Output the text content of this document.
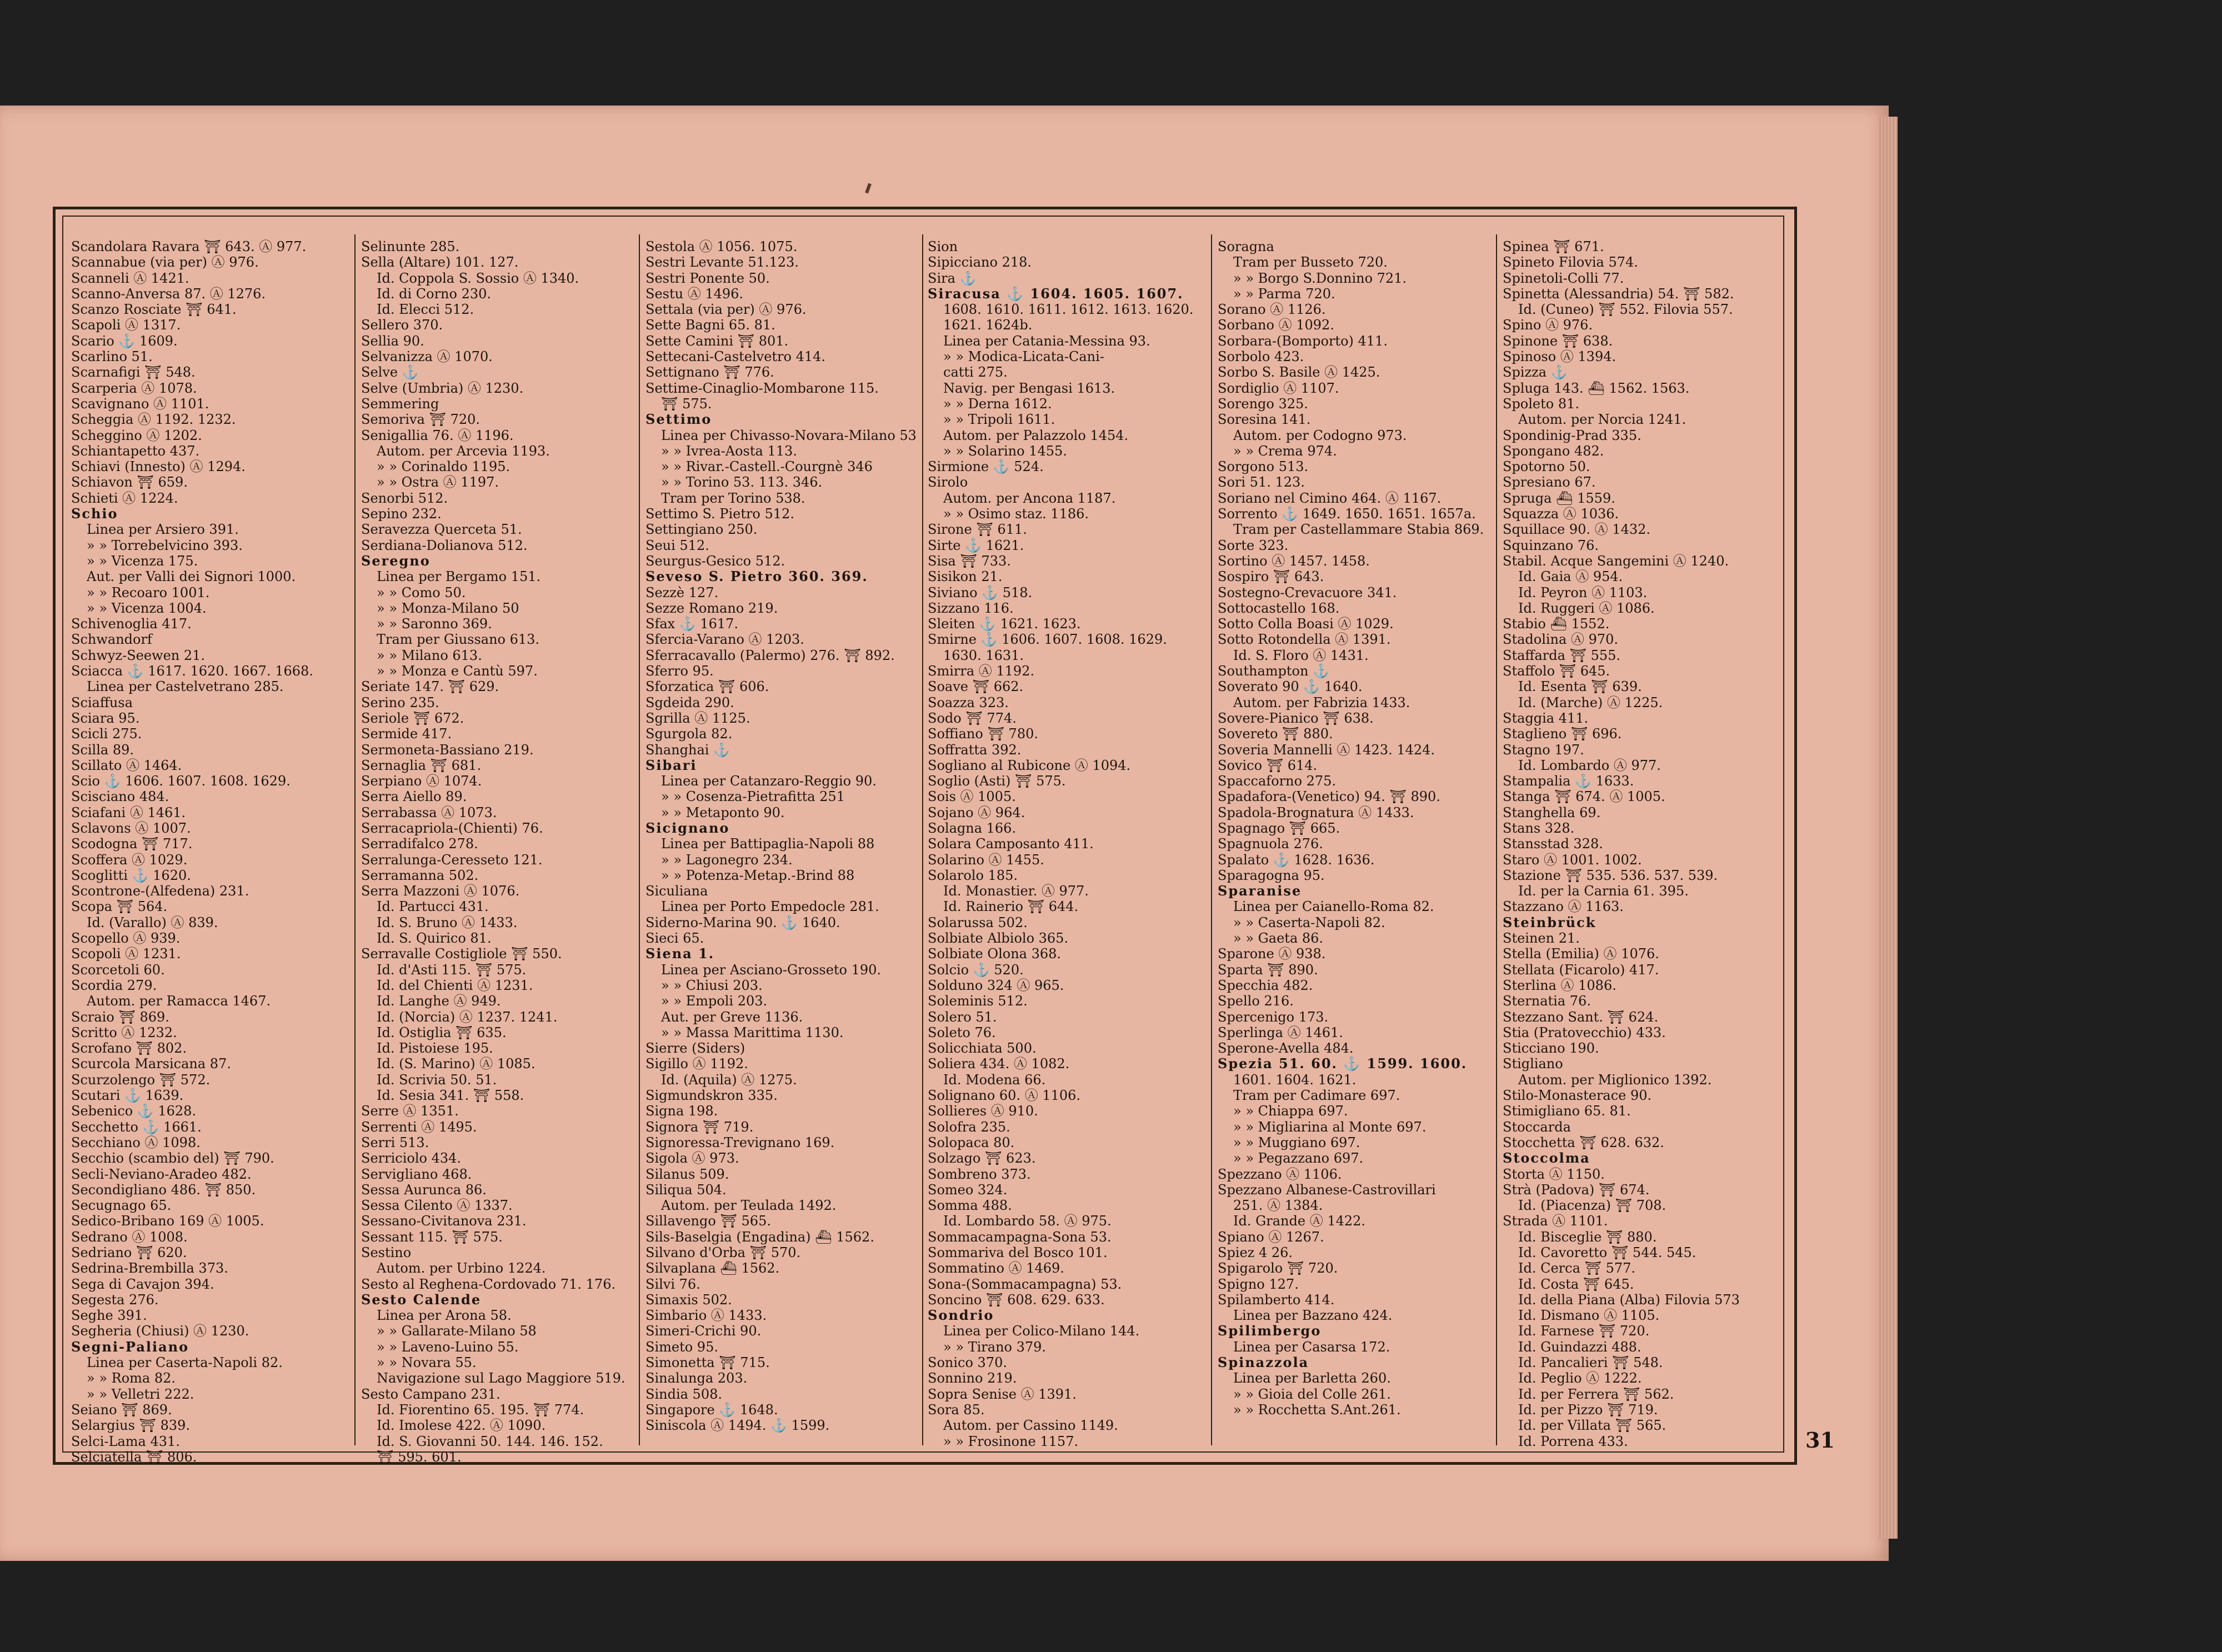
Scandolara Ravara ⛩ 643. Ⓐ 977.
Scannabue (via per) Ⓐ 976.
Scanneli Ⓐ 1421.
Scanno-Anversa 87. Ⓐ 1276.
Scanzo Rosciate ⛩ 641.
Scapoli Ⓐ 1317.
Scario ⚓ 1609.
Scarlino 51.
Scarnafigi ⛩ 548.
Scarperia Ⓐ 1078.
Scavignano Ⓐ 1101.
Scheggia Ⓐ 1192. 1232.
Scheggino Ⓐ 1202.
Schiantapetto 437.
Schiavi (Innesto) Ⓐ 1294.
Schiavon ⛩ 659.
Schieti Ⓐ 1224.
Schio
Linea per Arsiero 391.
» » Torrebelvicino 393.
» » Vicenza 175.
Aut. per Valli dei Signori 1000.
» » Recoaro 1001.
» » Vicenza 1004.
Schivenoglia 417.
Schwandorf
Schwyz-Seewen 21.
Sciacca ⚓ 1617. 1620. 1667. 1668.
Linea per Castelvetrano 285.
Sciaffusa
Sciara 95.
Scicli 275.
Scilla 89.
Scillato Ⓐ 1464.
Scio ⚓ 1606. 1607. 1608. 1629.
Scisciano 484.
Sciafani Ⓐ 1461.
Sclavons Ⓐ 1007.
Scodogna ⛩ 717.
Scoffera Ⓐ 1029.
Scoglitti ⚓ 1620.
Scontrone-(Alfedena) 231.
Scopa ⛩ 564.
Id. (Varallo) Ⓐ 839.
Scopello Ⓐ 939.
Scopoli Ⓐ 1231.
Scorcetoli 60.
Scordia 279.
Autom. per Ramacca 1467.
Scraio ⛩ 869.
Scritto Ⓐ 1232.
Scrofano ⛩ 802.
Scurcola Marsicana 87.
Scurzolengo ⛩ 572.
Scutari ⚓ 1639.
Sebenico ⚓ 1628.
Secchetto ⚓ 1661.
Secchiano Ⓐ 1098.
Secchio (scambio del) ⛩ 790.
Secli-Neviano-Aradeo 482.
Secondigliano 486. ⛩ 850.
Secugnago 65.
Sedico-Bribano 169 Ⓐ 1005.
Sedrano Ⓐ 1008.
Sedriano ⛩ 620.
Sedrina-Brembilla 373.
Sega di Cavajon 394.
Segesta 276.
Seghe 391.
Segheria (Chiusi) Ⓐ 1230.
Segni-Paliano
Linea per Caserta-Napoli 82.
» » Roma 82.
» » Velletri 222.
Seiano ⛩ 869.
Selargius ⛩ 839.
Selci-Lama 431.
Selciatella ⛩ 806.
Selinunte 285.
Sella (Altare) 101. 127.
Id. Coppola S. Sossio Ⓐ 1340.
Id. di Corno 230.
Id. Elecci 512.
Sellero 370.
Sellia 90.
Selvanizza Ⓐ 1070.
Selve ⚓
Selve (Umbria) Ⓐ 1230.
Semmering
Semoriva ⛩ 720.
Senigallia 76. Ⓐ 1196.
Autom. per Arcevia 1193.
» » Corinaldo 1195.
» » Ostra Ⓐ 1197.
Senorbi 512.
Sepino 232.
Seravezza Querceta 51.
Serdiana-Dolianova 512.
Seregno
Linea per Bergamo 151.
» » Como 50.
» » Monza-Milano 50
» » Saronno 369.
Tram per Giussano 613.
» » Milano 613.
» » Monza e Cantù 597.
Seriate 147. ⛩ 629.
Serino 235.
Seriole ⛩ 672.
Sermide 417.
Sermoneta-Bassiano 219.
Sernaglia ⛩ 681.
Serpiano Ⓐ 1074.
Serra Aiello 89.
Serrabassa Ⓐ 1073.
Serracapriola-(Chienti) 76.
Serradifalco 278.
Serralunga-Ceresseto 121.
Serramanna 502.
Serra Mazzoni Ⓐ 1076.
Id. Partucci 431.
Id. S. Bruno Ⓐ 1433.
Id. S. Quirico 81.
Serravalle Costigliole ⛩ 550.
Id. d'Asti 115. ⛩ 575.
Id. del Chienti Ⓐ 1231.
Id. Langhe Ⓐ 949.
Id. (Norcia) Ⓐ 1237. 1241.
Id. Ostiglia ⛩ 635.
Id. Pistoiese 195.
Id. (S. Marino) Ⓐ 1085.
Id. Scrivia 50. 51.
Id. Sesia 341. ⛩ 558.
Serre Ⓐ 1351.
Serrenti Ⓐ 1495.
Serri 513.
Serriciolo 434.
Servigliano 468.
Sessa Aurunca 86.
Sessa Cilento Ⓐ 1337.
Sessano-Civitanova 231.
Sessant 115. ⛩ 575.
Sestino
Autom. per Urbino 1224.
Sesto al Reghena-Cordovado 71. 176.
Sesto Calende
Linea per Arona 58.
» » Gallarate-Milano 58
» » Laveno-Luino 55.
» » Novara 55.
Navigazione sul Lago Maggiore 519.
Sesto Campano 231.
Id. Fiorentino 65. 195. ⛩ 774.
Id. Imolese 422. Ⓐ 1090.
Id. S. Giovanni 50. 144. 146. 152.
⛩ 595. 601.
Sestola Ⓐ 1056. 1075.
Sestri Levante 51.123.
Sestri Ponente 50.
Sestu Ⓐ 1496.
Settala (via per) Ⓐ 976.
Sette Bagni 65. 81.
Sette Camini ⛩ 801.
Settecani-Castelvetro 414.
Settignano ⛩ 776.
Settime-Cinaglio-Mombarone 115.
⛩ 575.
Settimo
Linea per Chivasso-Novara-Milano 53
» » Ivrea-Aosta 113.
» » Rivar.-Castell.-Courgnè 346
» » Torino 53. 113. 346.
Tram per Torino 538.
Settimo S. Pietro 512.
Settingiano 250.
Seui 512.
Seurgus-Gesico 512.
Seveso S. Pietro 360. 369.
Sezzè 127.
Sezze Romano 219.
Sfax ⚓ 1617.
Sfercia-Varano Ⓐ 1203.
Sferracavallo (Palermo) 276. ⛩ 892.
Sferro 95.
Sforzatica ⛩ 606.
Sgdeida 290.
Sgrilla Ⓐ 1125.
Sgurgola 82.
Shanghai ⚓
Sibari
Linea per Catanzaro-Reggio 90.
» » Cosenza-Pietrafitta 251
» » Metaponto 90.
Sicignano
Linea per Battipaglia-Napoli 88
» » Lagonegro 234.
» » Potenza-Metap.-Brind 88
Siculiana
Linea per Porto Empedocle 281.
Siderno-Marina 90. ⚓ 1640.
Sieci 65.
Siena 1.
Linea per Asciano-Grosseto 190.
» » Chiusi 203.
» » Empoli 203.
Aut. per Greve 1136.
» » Massa Marittima 1130.
Sierre (Siders)
Sigillo Ⓐ 1192.
Id. (Aquila) Ⓐ 1275.
Sigmundskron 335.
Signa 198.
Signora ⛩ 719.
Signoressa-Trevignano 169.
Sigola Ⓐ 973.
Silanus 509.
Siliqua 504.
Autom. per Teulada 1492.
Sillavengo ⛩ 565.
Sils-Baselgia (Engadina) ⛴ 1562.
Silvano d'Orba ⛩ 570.
Silvaplana ⛴ 1562.
Silvi 76.
Simaxis 502.
Simbario Ⓐ 1433.
Simeri-Crichi 90.
Simeto 95.
Simonetta ⛩ 715.
Sinalunga 203.
Sindia 508.
Singapore ⚓ 1648.
Siniscola Ⓐ 1494. ⚓ 1599.
Sion
Sipicciano 218.
Sira ⚓
Siracusa ⚓ 1604. 1605. 1607.
1608. 1610. 1611. 1612. 1613. 1620.
1621. 1624b.
Linea per Catania-Messina 93.
» » Modica-Licata-Cani-
catti 275.
Navig. per Bengasi 1613.
» » Derna 1612.
» » Tripoli 1611.
Autom. per Palazzolo 1454.
» » Solarino 1455.
Sirmione ⚓ 524.
Sirolo
Autom. per Ancona 1187.
» » Osimo staz. 1186.
Sirone ⛩ 611.
Sirte ⚓ 1621.
Sisa ⛩ 733.
Sisikon 21.
Siviano ⚓ 518.
Sizzano 116.
Sleiten ⚓ 1621. 1623.
Smirne ⚓ 1606. 1607. 1608. 1629.
1630. 1631.
Smirra Ⓐ 1192.
Soave ⛩ 662.
Soazza 323.
Sodo ⛩ 774.
Soffiano ⛩ 780.
Soffratta 392.
Sogliano al Rubicone Ⓐ 1094.
Soglio (Asti) ⛩ 575.
Sois Ⓐ 1005.
Sojano Ⓐ 964.
Solagna 166.
Solara Camposanto 411.
Solarino Ⓐ 1455.
Solarolo 185.
Id. Monastier. Ⓐ 977.
Id. Rainerio ⛩ 644.
Solarussa 502.
Solbiate Albiolo 365.
Solbiate Olona 368.
Solcio ⚓ 520.
Solduno 324 Ⓐ 965.
Soleminis 512.
Solero 51.
Soleto 76.
Solicchiata 500.
Soliera 434. Ⓐ 1082.
Id. Modena 66.
Solignano 60. Ⓐ 1106.
Sollieres Ⓐ 910.
Solofra 235.
Solopaca 80.
Solzago ⛩ 623.
Sombreno 373.
Someo 324.
Somma 488.
Id. Lombardo 58. Ⓐ 975.
Sommacampagna-Sona 53.
Sommariva del Bosco 101.
Sommatino Ⓐ 1469.
Sona-(Sommacampagna) 53.
Soncino ⛩ 608. 629. 633.
Sondrio
Linea per Colico-Milano 144.
» » Tirano 379.
Sonico 370.
Sonnino 219.
Sopra Senise Ⓐ 1391.
Sora 85.
Autom. per Cassino 1149.
» » Frosinone 1157.
Soragna
Tram per Busseto 720.
» » Borgo S.Donnino 721.
» » Parma 720.
Sorano Ⓐ 1126.
Sorbano Ⓐ 1092.
Sorbara-(Bomporto) 411.
Sorbolo 423.
Sorbo S. Basile Ⓐ 1425.
Sordiglio Ⓐ 1107.
Sorengo 325.
Soresina 141.
Autom. per Codogno 973.
» » Crema 974.
Sorgono 513.
Sori 51. 123.
Soriano nel Cimino 464. Ⓐ 1167.
Sorrento ⚓ 1649. 1650. 1651. 1657a.
Tram per Castellammare Stabia 869.
Sorte 323.
Sortino Ⓐ 1457. 1458.
Sospiro ⛩ 643.
Sostegno-Crevacuore 341.
Sottocastello 168.
Sotto Colla Boasi Ⓐ 1029.
Sotto Rotondella Ⓐ 1391.
Id. S. Floro Ⓐ 1431.
Southampton ⚓
Soverato 90 ⚓ 1640.
Autom. per Fabrizia 1433.
Sovere-Pianico ⛩ 638.
Sovereto ⛩ 880.
Soveria Mannelli Ⓐ 1423. 1424.
Sovico ⛩ 614.
Spaccaforno 275.
Spadafora-(Venetico) 94. ⛩ 890.
Spadola-Brognatura Ⓐ 1433.
Spagnago ⛩ 665.
Spagnuola 276.
Spalato ⚓ 1628. 1636.
Sparagogna 95.
Sparanise
Linea per Caianello-Roma 82.
» » Caserta-Napoli 82.
» » Gaeta 86.
Sparone Ⓐ 938.
Sparta ⛩ 890.
Specchia 482.
Spello 216.
Spercenigo 173.
Sperlinga Ⓐ 1461.
Sperone-Avella 484.
Spezia 51. 60. ⚓ 1599. 1600.
1601. 1604. 1621.
Tram per Cadimare 697.
» » Chiappa 697.
» » Migliarina al Monte 697.
» » Muggiano 697.
» » Pegazzano 697.
Spezzano Ⓐ 1106.
Spezzano Albanese-Castrovillari
251. Ⓐ 1384.
Id. Grande Ⓐ 1422.
Spiano Ⓐ 1267.
Spiez 4 26.
Spigarolo ⛩ 720.
Spigno 127.
Spilamberto 414.
Linea per Bazzano 424.
Spilimbergo
Linea per Casarsa 172.
Spinazzola
Linea per Barletta 260.
» » Gioia del Colle 261.
» » Rocchetta S.Ant.261.
Spinea ⛩ 671.
Spineto Filovia 574.
Spinetoli-Colli 77.
Spinetta (Alessandria) 54. ⛩ 582.
Id. (Cuneo) ⛩ 552. Filovia 557.
Spino Ⓐ 976.
Spinone ⛩ 638.
Spinoso Ⓐ 1394.
Spizza ⚓
Spluga 143. ⛴ 1562. 1563.
Spoleto 81.
Autom. per Norcia 1241.
Spondinig-Prad 335.
Spongano 482.
Spotorno 50.
Spresiano 67.
Spruga ⛴ 1559.
Squazza Ⓐ 1036.
Squillace 90. Ⓐ 1432.
Squinzano 76.
Stabil. Acque Sangemini Ⓐ 1240.
Id. Gaia Ⓐ 954.
Id. Peyron Ⓐ 1103.
Id. Ruggeri Ⓐ 1086.
Stabio ⛴ 1552.
Stadolina Ⓐ 970.
Staffarda ⛩ 555.
Staffolo ⛩ 645.
Id. Esenta ⛩ 639.
Id. (Marche) Ⓐ 1225.
Staggia 411.
Staglieno ⛩ 696.
Stagno 197.
Id. Lombardo Ⓐ 977.
Stampalia ⚓ 1633.
Stanga ⛩ 674. Ⓐ 1005.
Stanghella 69.
Stans 328.
Stansstad 328.
Staro Ⓐ 1001. 1002.
Stazione ⛩ 535. 536. 537. 539.
Id. per la Carnia 61. 395.
Stazzano Ⓐ 1163.
Steinbrück
Steinen 21.
Stella (Emilia) Ⓐ 1076.
Stellata (Ficarolo) 417.
Sterlina Ⓐ 1086.
Sternatia 76.
Stezzano Sant. ⛩ 624.
Stia (Pratovecchio) 433.
Sticciano 190.
Stigliano
Autom. per Miglionico 1392.
Stilo-Monasterace 90.
Stimigliano 65. 81.
Stoccarda
Stocchetta ⛩ 628. 632.
Stoccolma
Storta Ⓐ 1150.
Strà (Padova) ⛩ 674.
Id. (Piacenza) ⛩ 708.
Strada Ⓐ 1101.
Id. Bisceglie ⛩ 880.
Id. Cavoretto ⛩ 544. 545.
Id. Cerca ⛩ 577.
Id. Costa ⛩ 645.
Id. della Piana (Alba) Filovia 573
Id. Dismano Ⓐ 1105.
Id. Farnese ⛩ 720.
Id. Guindazzi 488.
Id. Pancalieri ⛩ 548.
Id. Peglio Ⓐ 1222.
Id. per Ferrera ⛩ 562.
Id. per Pizzo ⛩ 719.
Id. per Villata ⛩ 565.
Id. Porrena 433.	31
